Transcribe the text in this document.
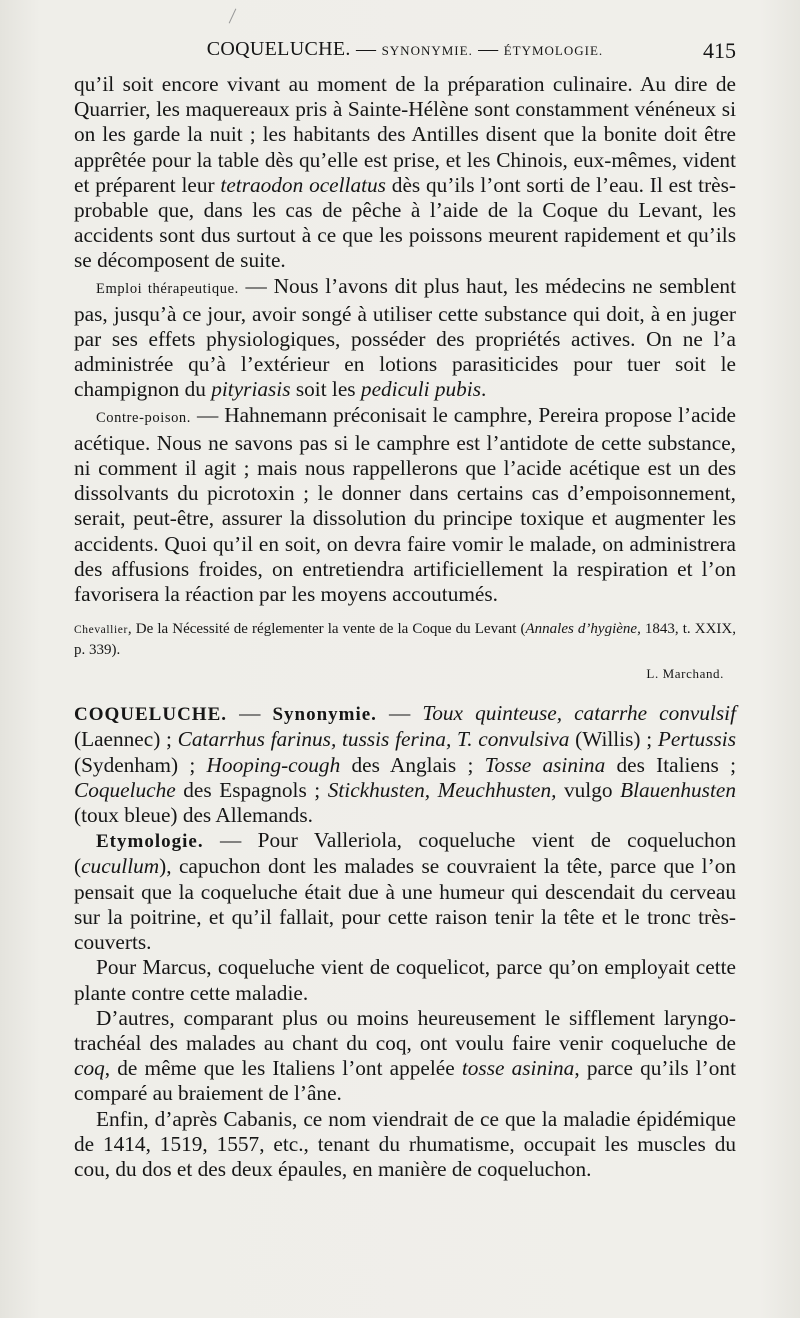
COQUELUCHE. — SYNONYMIE. — ÉTYMOLOGIE.	415

qu’il soit encore vivant au moment de la préparation culinaire. Au dire de Quarrier, les maquereaux pris à Sainte-Hélène sont constamment vénéneux si on les garde la nuit ; les habitants des Antilles disent que la bonite doit être apprêtée pour la table dès qu’elle est prise, et les Chinois, eux-mêmes, vident et préparent leur tetraodon ocellatus dès qu’ils l’ont sorti de l’eau. Il est très-probable que, dans les cas de pêche à l’aide de la Coque du Levant, les accidents sont dus surtout à ce que les poissons meurent rapidement et qu’ils se décomposent de suite.

Emploi thérapeutique. — Nous l’avons dit plus haut, les médecins ne semblent pas, jusqu’à ce jour, avoir songé à utiliser cette substance qui doit, à en juger par ses effets physiologiques, posséder des propriétés actives. On ne l’a administrée qu’à l’extérieur en lotions parasiticides pour tuer soit le champignon du pityriasis soit les pediculi pubis.

Contre-poison. — Hahnemann préconisait le camphre, Pereira propose l’acide acétique. Nous ne savons pas si le camphre est l’antidote de cette substance, ni comment il agit ; mais nous rappellerons que l’acide acétique est un des dissolvants du picrotoxin ; le donner dans certains cas d’empoisonnement, serait, peut-être, assurer la dissolution du principe toxique et augmenter les accidents. Quoi qu’il en soit, on devra faire vomir le malade, on administrera des affusions froides, on entretiendra artificiellement la respiration et l’on favorisera la réaction par les moyens accoutumés.

Chevallier, De la Nécessité de réglementer la vente de la Coque du Levant (Annales d’hygiène, 1843, t. XXIX, p. 339).

L. Marchand.

COQUELUCHE. — Synonymie. — Toux quinteuse, catarrhe convulsif (Laennec) ; Catarrhus farinus, tussis ferina, T. convulsiva (Willis) ; Pertussis (Sydenham) ; Hooping-cough des Anglais ; Tosse asinina des Italiens ; Coqueluche des Espagnols ; Stickhusten, Meuchhusten, vulgo Blauenhusten (toux bleue) des Allemands.

Etymologie. — Pour Valleriola, coqueluche vient de coqueluchon (cucullum), capuchon dont les malades se couvraient la tête, parce que l’on pensait que la coqueluche était due à une humeur qui descendait du cerveau sur la poitrine, et qu’il fallait, pour cette raison tenir la tête et le tronc très-couverts.

Pour Marcus, coqueluche vient de coquelicot, parce qu’on employait cette plante contre cette maladie.

D’autres, comparant plus ou moins heureusement le sifflement laryngo-trachéal des malades au chant du coq, ont voulu faire venir coqueluche de coq, de même que les Italiens l’ont appelée tosse asinina, parce qu’ils l’ont comparé au braiement de l’âne.

Enfin, d’après Cabanis, ce nom viendrait de ce que la maladie épidémique de 1414, 1519, 1557, etc., tenant du rhumatisme, occupait les muscles du cou, du dos et des deux épaules, en manière de coqueluchon.
